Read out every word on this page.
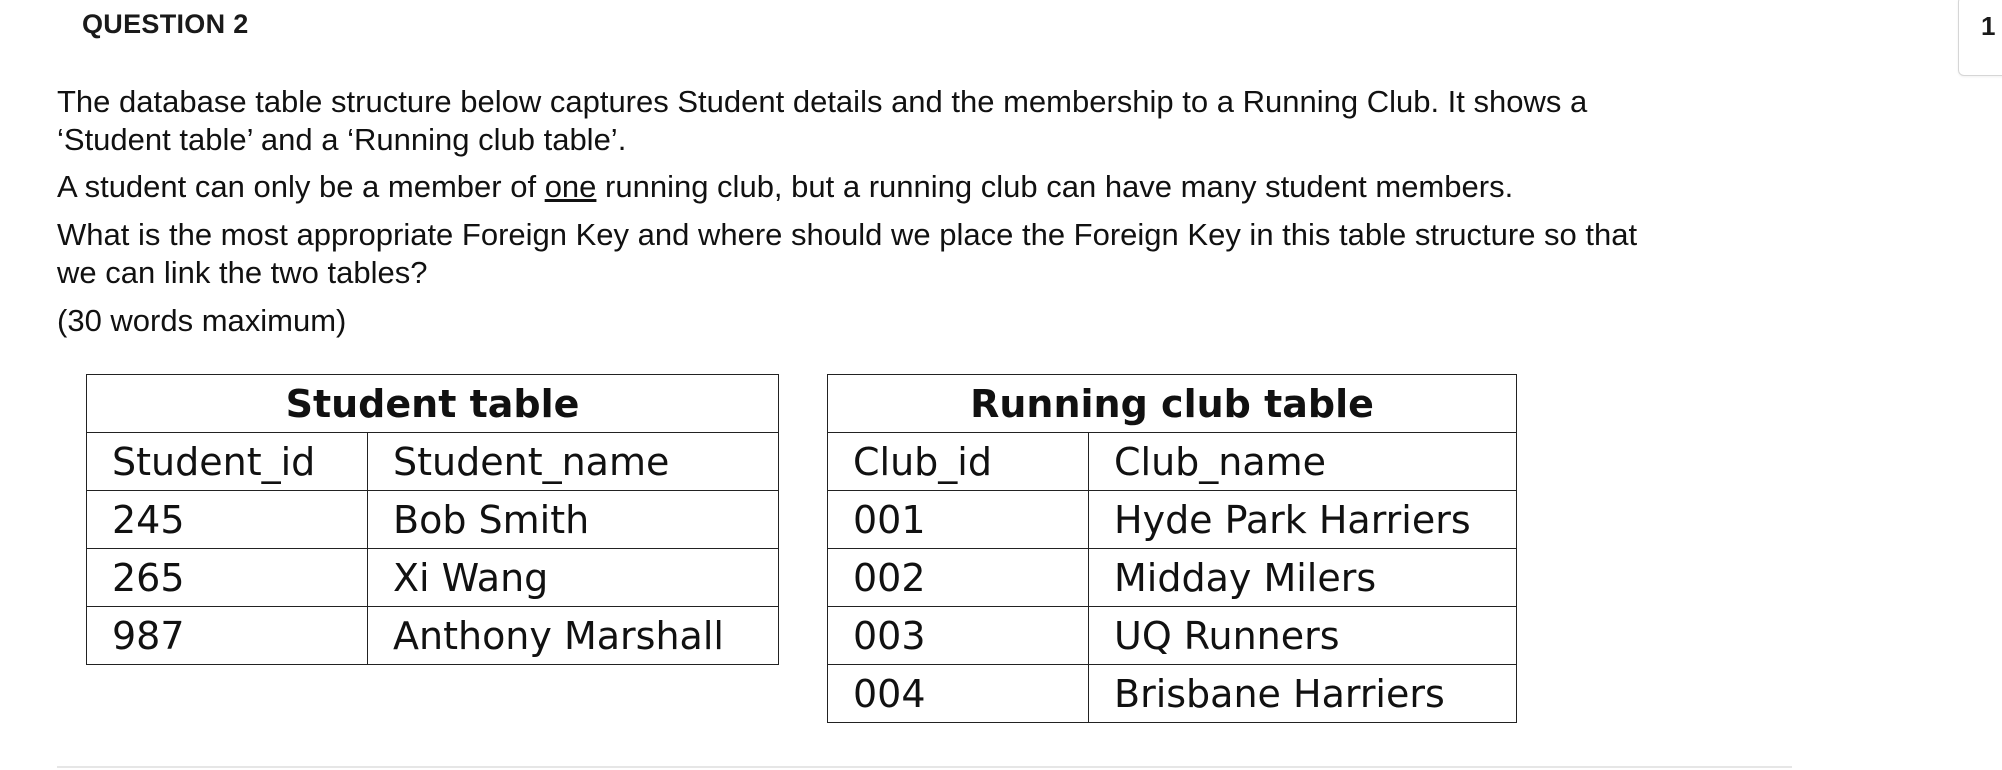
QUESTION 2	1
The database table structure below captures Student details and the membership to a Running Club. It shows a
‘Student table’ and a ‘Running club table’.
A student can only be a member of one running club, but a running club can have many student members.
What is the most appropriate Foreign Key and where should we place the Foreign Key in this table structure so that
we can link the two tables?
(30 words maximum)
Student table	
Student_id	Student_name
245	Bob Smith
265	Xi Wang
987	Anthony Marshall
Running club table	
Club_id	Club_name
001	Hyde Park Harriers
002	Midday Milers
003	UQ Runners
004	Brisbane Harriers
